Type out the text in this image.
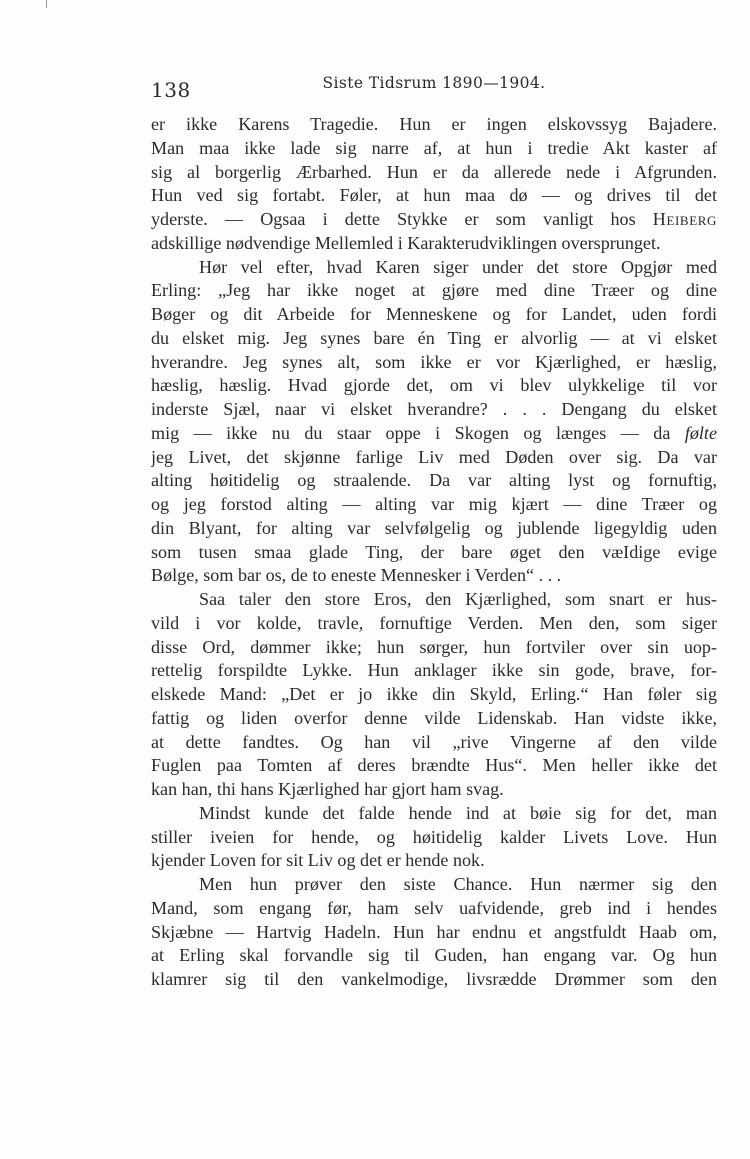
138	Siste Tidsrum 1890—1904.
er ikke Karens Tragedie. Hun er ingen elskovssyg Bajadere.
Man maa ikke lade sig narre af, at hun i tredie Akt kaster af
sig al borgerlig Ærbarhed. Hun er da allerede nede i Afgrunden.
Hun ved sig fortabt. Føler, at hun maa dø — og drives til det
yderste. — Ogsaa i dette Stykke er som vanligt hos Heiberg
adskillige nødvendige Mellemled i Karakterudviklingen oversprunget.
Hør vel efter, hvad Karen siger under det store Opgjør med
Erling: „Jeg har ikke noget at gjøre med dine Træer og dine
Bøger og dit Arbeide for Menneskene og for Landet, uden fordi
du elsket mig. Jeg synes bare én Ting er alvorlig — at vi elsket
hverandre. Jeg synes alt, som ikke er vor Kjærlighed, er hæslig,
hæslig, hæslig. Hvad gjorde det, om vi blev ulykkelige til vor
inderste Sjæl, naar vi elsket hverandre? . . . Dengang du elsket
mig — ikke nu du staar oppe i Skogen og længes — da følte
jeg Livet, det skjønne farlige Liv med Døden over sig. Da var
alting høitidelig og straalende. Da var alting lyst og fornuftig,
og jeg forstod alting — alting var mig kjært — dine Træer og
din Blyant, for alting var selvfølgelig og jublende ligegyldig uden
som tusen smaa glade Ting, der bare øget den væIdige evige
Bølge, som bar os, de to eneste Mennesker i Verden“ . . .
Saa taler den store Eros, den Kjærlighed, som snart er hus-
vild i vor kolde, travle, fornuftige Verden. Men den, som siger
disse Ord, dømmer ikke; hun sørger, hun fortviler over sin uop-
rettelig forspildte Lykke. Hun anklager ikke sin gode, brave, for-
elskede Mand: „Det er jo ikke din Skyld, Erling.“ Han føler sig
fattig og liden overfor denne vilde Lidenskab. Han vidste ikke,
at dette fandtes. Og han vil „rive Vingerne af den vilde
Fuglen paa Tomten af deres brændte Hus“. Men heller ikke det
kan han, thi hans Kjærlighed har gjort ham svag.
Mindst kunde det falde hende ind at bøie sig for det, man
stiller iveien for hende, og høitidelig kalder Livets Love. Hun
kjender Loven for sit Liv og det er hende nok.
Men hun prøver den siste Chance. Hun nærmer sig den
Mand, som engang før, ham selv uafvidende, greb ind i hendes
Skjæbne — Hartvig Hadeln. Hun har endnu et angstfuldt Haab om,
at Erling skal forvandle sig til Guden, han engang var. Og hun
klamrer sig til den vankelmodige, livsrædde Drømmer som den
